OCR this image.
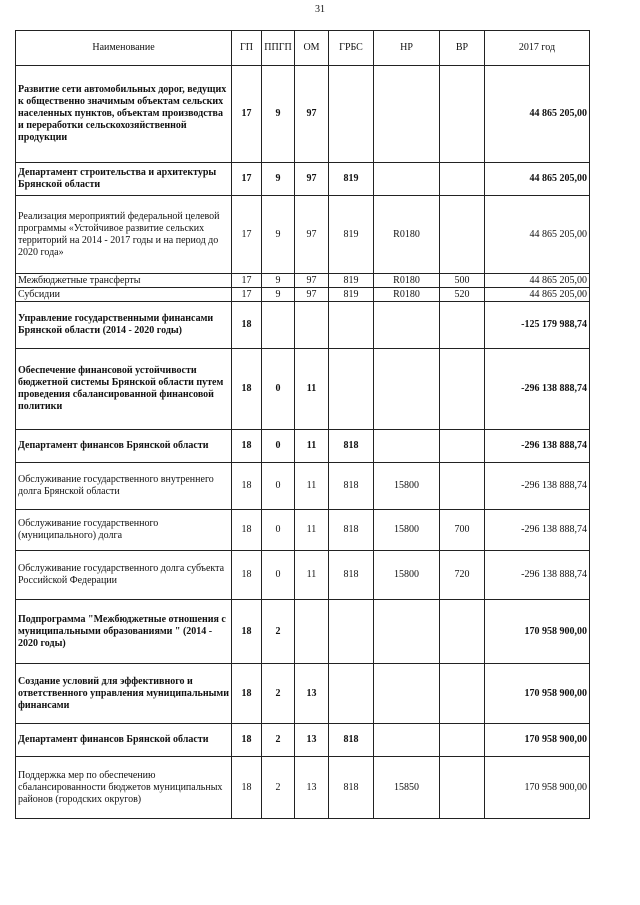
31
Наименование	ГП	ППГП	ОМ	ГРБС	НР	ВР	2017 год
Развитие сети автомобильных дорог, ведущих к общественно значимым объектам сельских населенных пунктов, объектам производства и переработки сельскохозяйственной продукции	17	9	97				44 865 205,00
Департамент строительства и архитектуры Брянской области	17	9	97	819			44 865 205,00
Реализация мероприятий федеральной целевой программы «Устойчивое развитие сельских территорий на 2014 - 2017 годы и на период до 2020 года»	17	9	97	819	R0180		44 865 205,00
Межбюджетные трансферты	17	9	97	819	R0180	500	44 865 205,00
Субсидии	17	9	97	819	R0180	520	44 865 205,00
Управление государственными финансами Брянской области (2014 - 2020 годы)	18						-125 179 988,74
Обеспечение финансовой устойчивости бюджетной системы Брянской области путем проведения сбалансированной финансовой политики	18	0	11				-296 138 888,74
Департамент финансов Брянской области	18	0	11	818			-296 138 888,74
Обслуживание государственного внутреннего долга Брянской области	18	0	11	818	15800		-296 138 888,74
Обслуживание государственного (муниципального) долга	18	0	11	818	15800	700	-296 138 888,74
Обслуживание государственного долга субъекта Российской Федерации	18	0	11	818	15800	720	-296 138 888,74
Подпрограмма "Межбюджетные отношения с муниципальными образованиями " (2014 - 2020 годы)	18	2					170 958 900,00
Создание условий для эффективного и ответственного управления муниципальными финансами	18	2	13				170 958 900,00
Департамент финансов Брянской области	18	2	13	818			170 958 900,00
Поддержка мер по обеспечению сбалансированности бюджетов муниципальных районов (городских округов)	18	2	13	818	15850		170 958 900,00
